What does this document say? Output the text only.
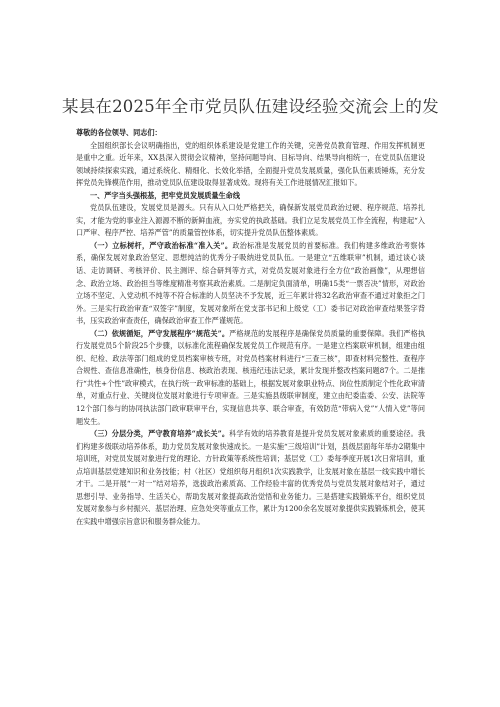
某县在2025年全市党员队伍建设经验交流会上的发

尊敬的各位领导、同志们：

全国组织部长会议明确指出，党的组织体系建设是党建工作的关键，完善党员教育管理、作用发挥机制更是重中之重。近年来，XX县深入贯彻会议精神，坚持问题导向、目标导向、结果导向相统一，在党员队伍建设领域持续探索实践，通过系统化、精细化、长效化举措，全面提升党员发展质量，强化队伍素质锤炼，充分发挥党员先锋模范作用，推动党员队伍建设取得显著成效。现将有关工作进展情况汇报如下。

一、严字当头强根基，把牢党员发展质量生命线

党员队伍建设，发展党员是源头。只有从入口处严格把关，确保新发展党员政治过硬、程序规范、培养扎实，才能为党的事业注入源源不断的新鲜血液，夯实党的执政基础。我们立足发展党员工作全流程，构建起“入口严审、程序严控、培养严管”的质量管控体系，切实提升党员队伍整体素质。

（一）立标树杆，严守政治标准“准入关”。政治标准是发展党员的首要标准。我们构建多维政治考察体系，确保发展对象政治坚定、思想纯洁的优秀分子吸纳进党员队伍。一是建立“五维联审”机制，通过谈心谈话、走访调研、考核评价、民主测评、综合研判等方式，对党员发展对象进行全方位“政治画像”，从理想信念、政治立场、政治担当等维度精准考察其政治素质。二是制定负面清单，明确15类“一票否决”情形，对政治立场不坚定、入党动机不纯等不符合标准的人员坚决不予发展，近三年累计将32名政治审查不通过对象拒之门外。三是实行政治审查“双签字”制度，发展对象所在党支部书记和上级党（工）委书记对政治审查结果签字背书，压实政治审查责任，确保政治审查工作严谨规范。

（二）依规循矩，严守发展程序“规范关”。严格规范的发展程序是确保党员质量的重要保障。我们严格执行发展党员5个阶段25个步骤，以标准化流程确保发展党员工作规范有序。一是建立档案联审机制，组建由组织、纪检、政法等部门组成的党员档案审核专班，对党员档案材料进行“三查三核”，即查材料完整性、查程序合规性、查信息准确性，核身份信息、核政治表现、核违纪违法记录，累计发现并整改档案问题87个。二是推行“共性+个性”政审模式，在执行统一政审标准的基础上，根据发展对象职业特点、岗位性质制定个性化政审清单，对重点行业、关键岗位发展对象进行专项审查。三是实施县级联审制度，建立由纪委监委、公安、法院等12个部门参与的协同执法部门政审联审平台，实现信息共享、联合审查，有效防范“带病入党”“人情入党”等问题发生。

（三）分层分类，严守教育培养“成长关”。科学有效的培养教育是提升党员发展对象素质的重要途径。我们构建多级联动培养体系，助力党员发展对象快速成长。一是实施“三级培训”计划，县级层面每年举办2期集中培训班，对党员发展对象进行党的理论、方针政策等系统性培训；基层党（工）委每季度开展1次日常培训，重点培训基层党建知识和业务技能；村（社区）党组织每月组织1次实践教学，让发展对象在基层一线实践中增长才干。二是开展“一对一”结对培养，选拔政治素质高、工作经验丰富的优秀党员与党员发展对象结对子，通过思想引导、业务指导、生活关心，帮助发展对象提高政治觉悟和业务能力。三是搭建实践锻炼平台，组织党员发展对象参与乡村振兴、基层治理、应急处突等重点工作，累计为1200余名发展对象提供实践锻炼机会，使其在实践中增强宗旨意识和服务群众能力。
